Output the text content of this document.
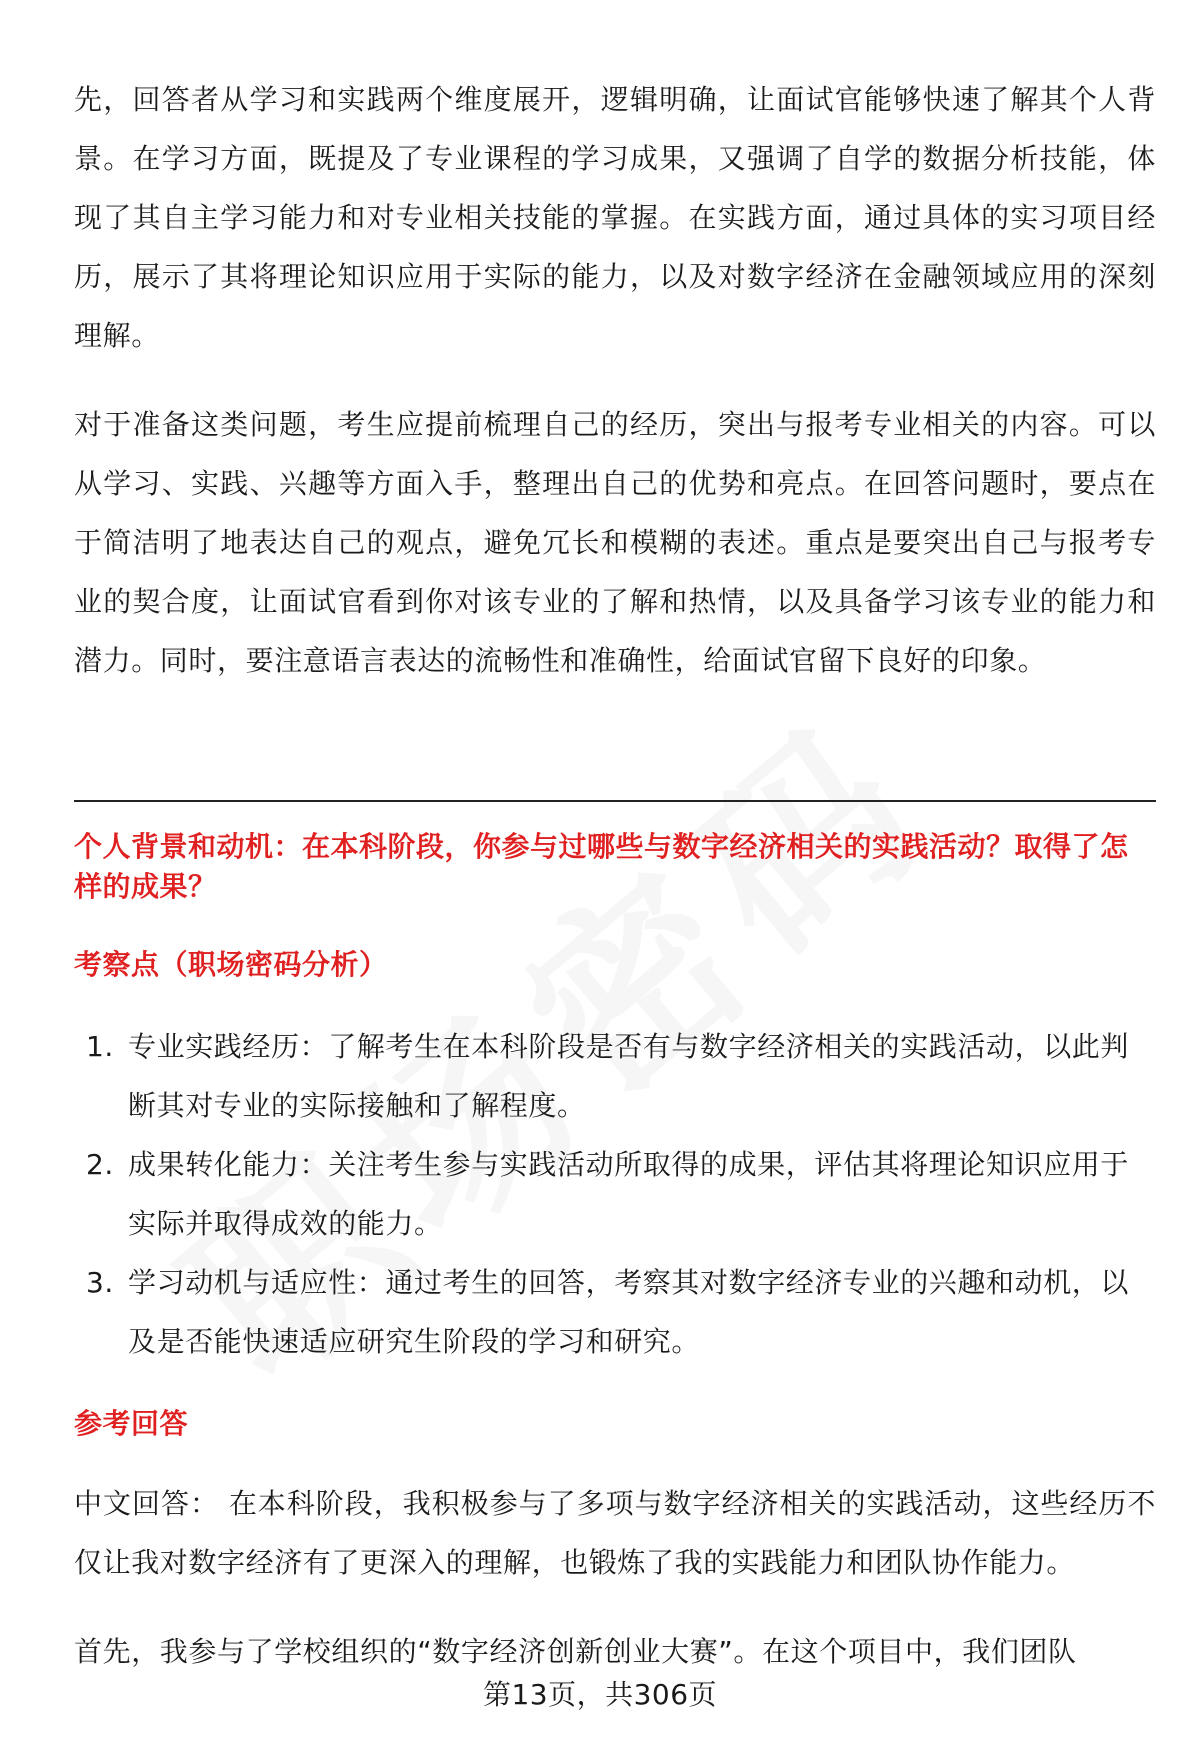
先，回答者从学习和实践两个维度展开，逻辑明确，让面试官能够快速了解其个人背景。在学习方面，既提及了专业课程的学习成果，又强调了自学的数据分析技能，体现了其自主学习能力和对专业相关技能的掌握。在实践方面，通过具体的实习项目经历，展示了其将理论知识应用于实际的能力，以及对数字经济在金融领域应用的深刻理解。

对于准备这类问题，考生应提前梳理自己的经历，突出与报考专业相关的内容。可以从学习、实践、兴趣等方面入手，整理出自己的优势和亮点。在回答问题时，要点在于简洁明了地表达自己的观点，避免冗长和模糊的表述。重点是要突出自己与报考专业的契合度，让面试官看到你对该专业的了解和热情，以及具备学习该专业的能力和潜力。同时，要注意语言表达的流畅性和准确性，给面试官留下良好的印象。

个人背景和动机：在本科阶段，你参与过哪些与数字经济相关的实践活动？取得了怎样的成果？

考察点（职场密码分析）

1. 专业实践经历：了解考生在本科阶段是否有与数字经济相关的实践活动，以此判断其对专业的实际接触和了解程度。
2. 成果转化能力：关注考生参与实践活动所取得的成果，评估其将理论知识应用于实际并取得成效的能力。
3. 学习动机与适应性：通过考生的回答，考察其对数字经济专业的兴趣和动机，以及是否能快速适应研究生阶段的学习和研究。

参考回答

中文回答： 在本科阶段，我积极参与了多项与数字经济相关的实践活动，这些经历不仅让我对数字经济有了更深入的理解，也锻炼了我的实践能力和团队协作能力。

首先，我参与了学校组织的“数字经济创新创业大赛”。在这个项目中，我们团队

第13页，共306页
